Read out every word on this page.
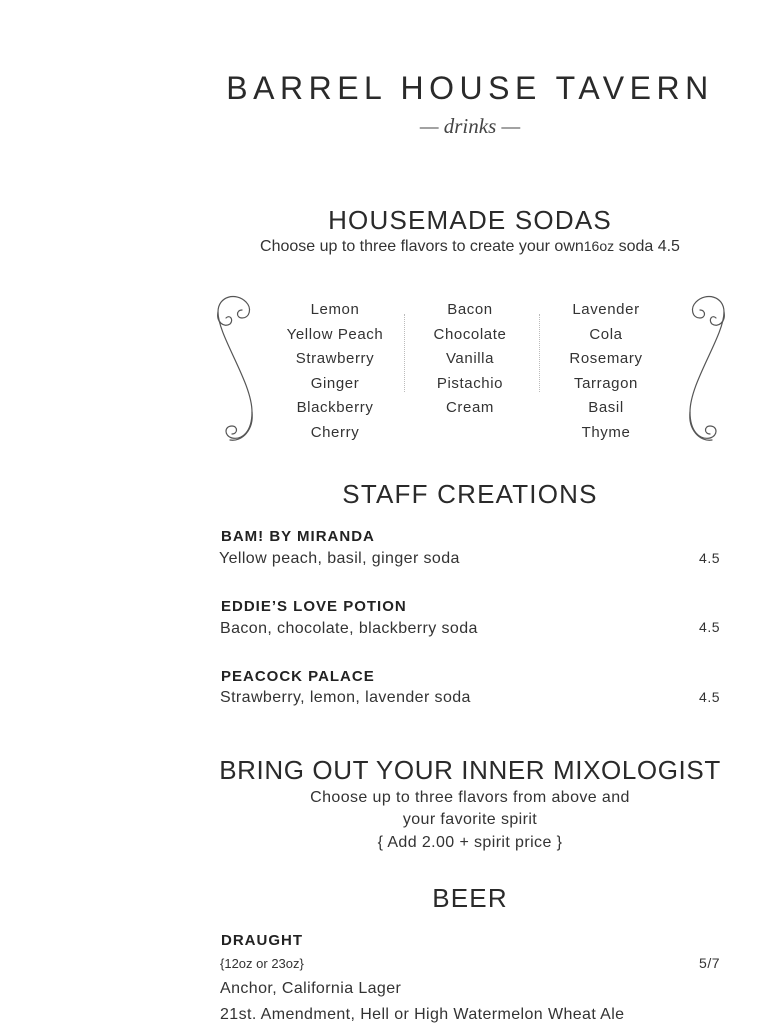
BARREL HOUSE TAVERN
— drinks —
HOUSEMADE SODAS
Choose up to three flavors to create your own16oz soda 4.5
Lemon
Yellow Peach
Strawberry
Ginger
Blackberry
Cherry
Bacon
Chocolate
Vanilla
Pistachio
Cream
Lavender
Cola
Rosemary
Tarragon
Basil
Thyme
STAFF CREATIONS
BAM! BY MIRANDA
Yellow peach, basil, ginger soda	4.5
EDDIE’S LOVE POTION
Bacon, chocolate, blackberry soda	4.5
PEACOCK PALACE
Strawberry, lemon, lavender soda	4.5
BRING OUT YOUR INNER MIXOLOGIST
Choose up to three flavors from above and
your favorite spirit
{ Add 2.00 + spirit price }
BEER
DRAUGHT
{12oz or 23oz}	5/7
Anchor, California Lager
21st. Amendment, Hell or High Watermelon Wheat Ale
